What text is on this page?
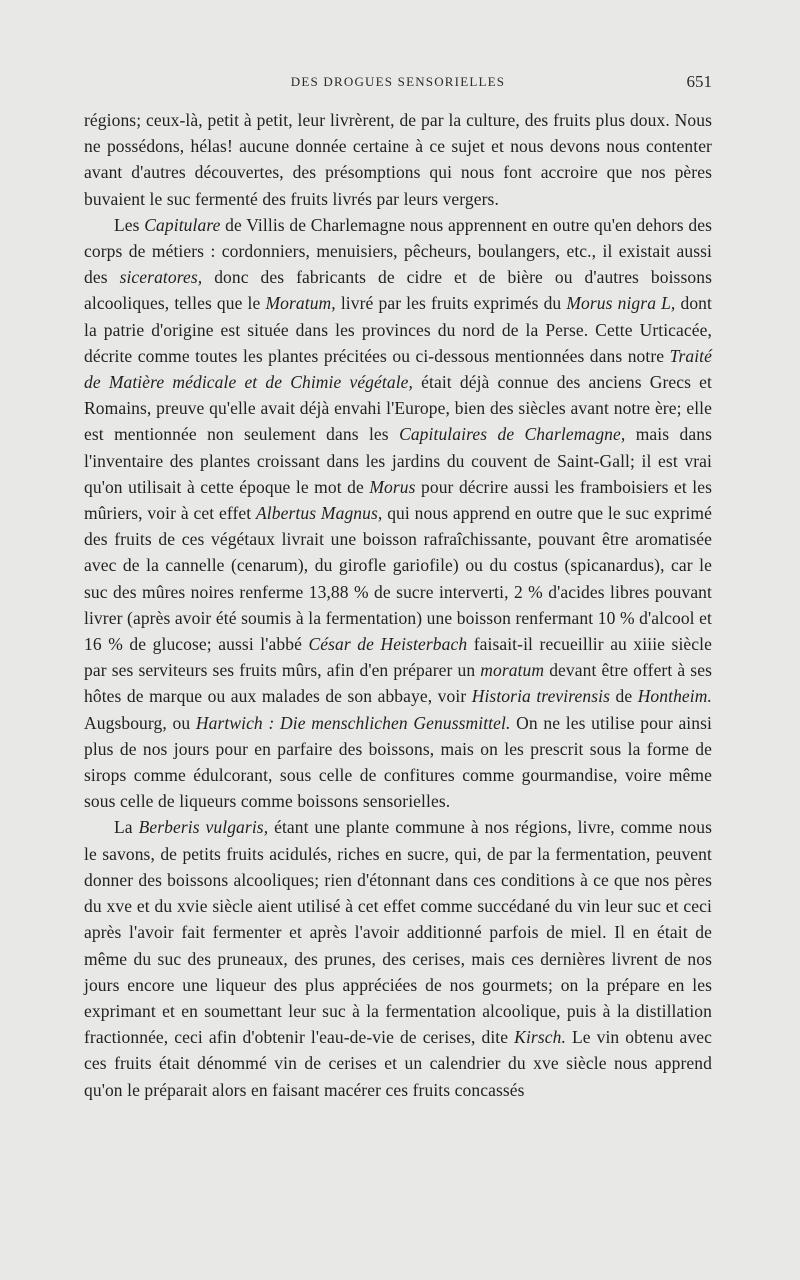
DES DROGUES SENSORIELLES	651

régions; ceux-là, petit à petit, leur livrèrent, de par la culture, des fruits plus doux. Nous ne possédons, hélas! aucune donnée certaine à ce sujet et nous devons nous contenter avant d'autres découvertes, des présomptions qui nous font accroire que nos pères buvaient le suc fermenté des fruits livrés par leurs vergers.

Les Capitulare de Villis de Charlemagne nous apprennent en outre qu'en dehors des corps de métiers : cordonniers, menuisiers, pêcheurs, boulangers, etc., il existait aussi des siceratores, donc des fabricants de cidre et de bière ou d'autres boissons alcooliques, telles que le Moratum, livré par les fruits exprimés du Morus nigra L, dont la patrie d'origine est située dans les provinces du nord de la Perse. Cette Urticacée, décrite comme toutes les plantes précitées ou ci-dessous mentionnées dans notre Traité de Matière médicale et de Chimie végétale, était déjà connue des anciens Grecs et Romains, preuve qu'elle avait déjà envahi l'Europe, bien des siècles avant notre ère; elle est mentionnée non seulement dans les Capitulaires de Charlemagne, mais dans l'inventaire des plantes croissant dans les jardins du couvent de Saint-Gall; il est vrai qu'on utilisait à cette époque le mot de Morus pour décrire aussi les framboisiers et les mûriers, voir à cet effet Albertus Magnus, qui nous apprend en outre que le suc exprimé des fruits de ces végétaux livrait une boisson rafraîchissante, pouvant être aromatisée avec de la cannelle (cenarum), du girofle gariofile) ou du costus (spicanardus), car le suc des mûres noires renferme 13,88 % de sucre interverti, 2 % d'acides libres pouvant livrer (après avoir été soumis à la fermentation) une boisson renfermant 10 % d'alcool et 16 % de glucose; aussi l'abbé César de Heisterbach faisait-il recueillir au xiiie siècle par ses serviteurs ses fruits mûrs, afin d'en préparer un moratum devant être offert à ses hôtes de marque ou aux malades de son abbaye, voir Historia trevirensis de Hontheim. Augsbourg, ou Hartwich : Die menschlichen Genussmittel. On ne les utilise pour ainsi plus de nos jours pour en parfaire des boissons, mais on les prescrit sous la forme de sirops comme édulcorant, sous celle de confitures comme gourmandise, voire même sous celle de liqueurs comme boissons sensorielles.

La Berberis vulgaris, étant une plante commune à nos régions, livre, comme nous le savons, de petits fruits acidulés, riches en sucre, qui, de par la fermentation, peuvent donner des boissons alcooliques; rien d'étonnant dans ces conditions à ce que nos pères du xve et du xvie siècle aient utilisé à cet effet comme succédané du vin leur suc et ceci après l'avoir fait fermenter et après l'avoir additionné parfois de miel. Il en était de même du suc des pruneaux, des prunes, des cerises, mais ces dernières livrent de nos jours encore une liqueur des plus appréciées de nos gourmets; on la prépare en les exprimant et en soumettant leur suc à la fermentation alcoolique, puis à la distillation fractionnée, ceci afin d'obtenir l'eau-de-vie de cerises, dite Kirsch. Le vin obtenu avec ces fruits était dénommé vin de cerises et un calendrier du xve siècle nous apprend qu'on le préparait alors en faisant macérer ces fruits concassés
